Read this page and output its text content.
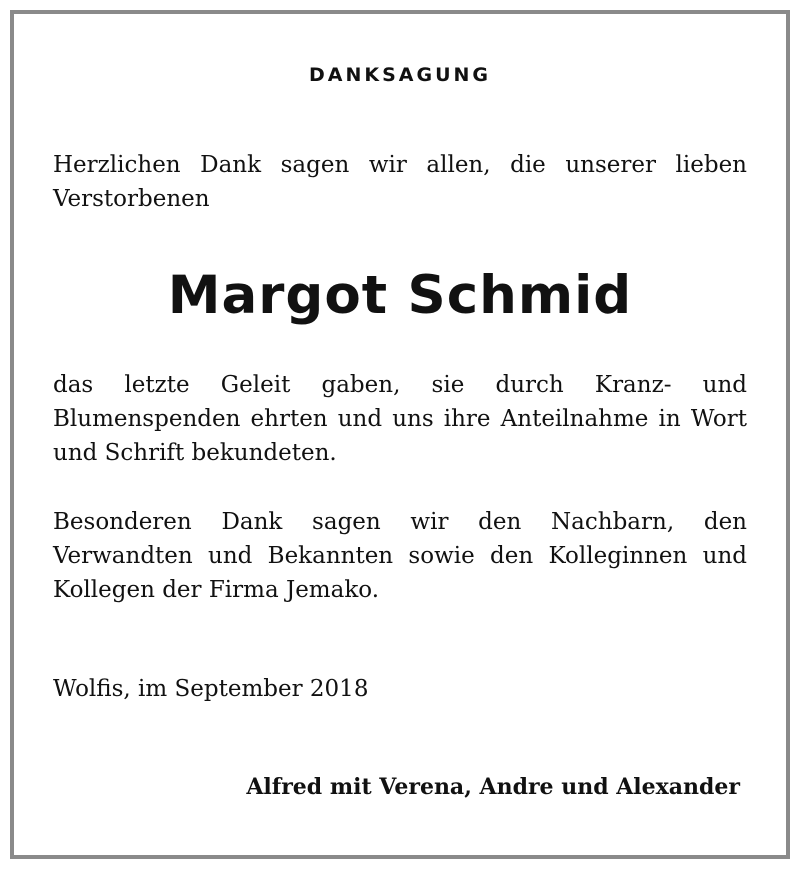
DANKSAGUNG

Herzlichen Dank sagen wir allen, die unserer lieben Verstorbenen

Margot Schmid

das letzte Geleit gaben, sie durch Kranz- und Blumenspenden ehrten und uns ihre Anteilnahme in Wort und Schrift bekundeten.

Besonderen Dank sagen wir den Nachbarn, den Verwandten und Bekannten sowie den Kolleginnen und Kollegen der Firma Jemako.

Wolfis, im September 2018
Alfred mit Verena, Andre und Alexander
